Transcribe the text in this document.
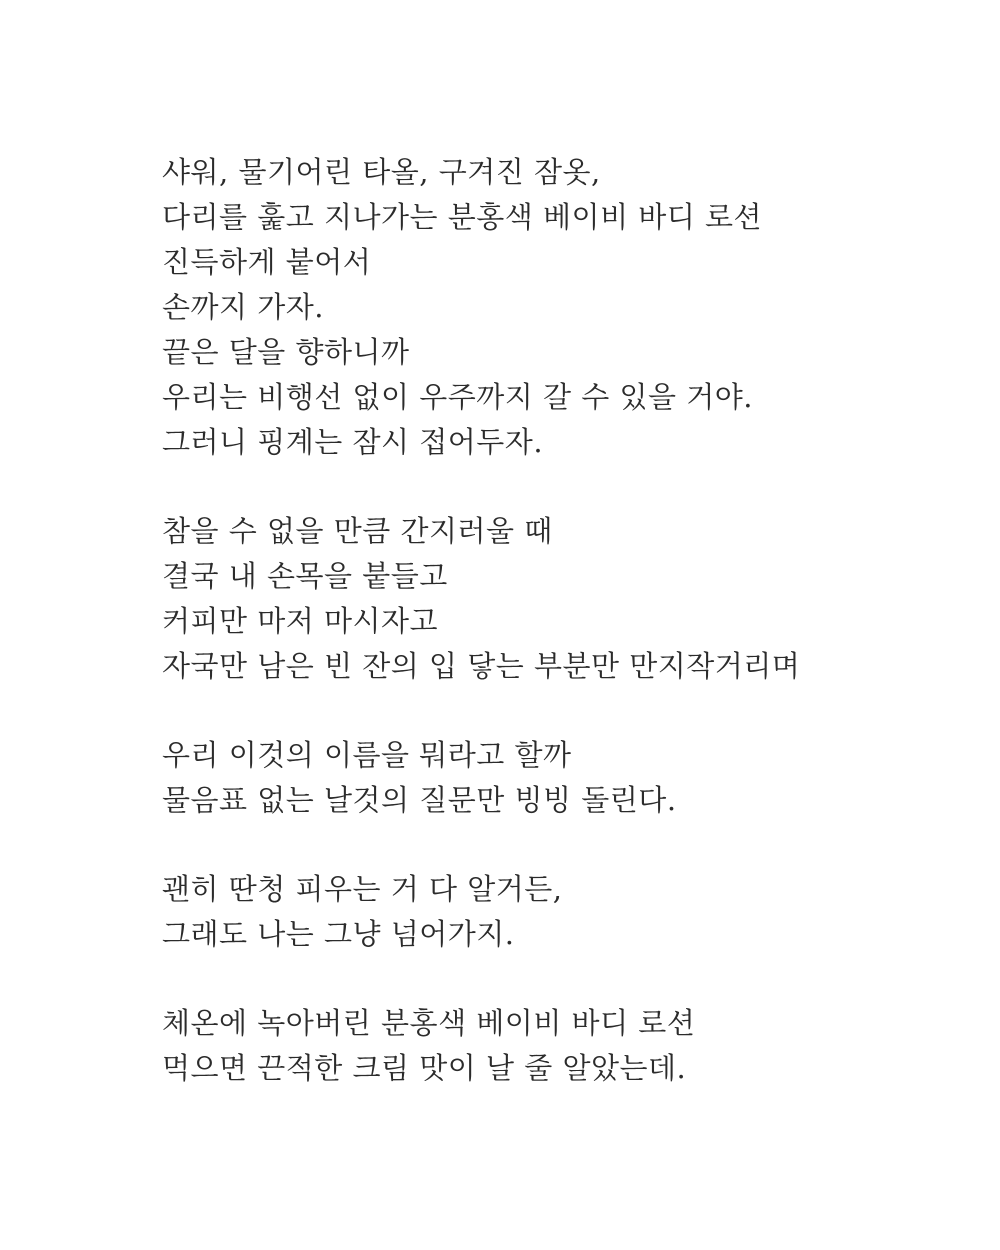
샤워, 물기어린 타올, 구겨진 잠옷,
다리를 훑고 지나가는 분홍색 베이비 바디 로션
진득하게 붙어서
손까지 가자.
끝은 달을 향하니까
우리는 비행선 없이 우주까지 갈 수 있을 거야.
그러니 핑계는 잠시 접어두자.
참을 수 없을 만큼 간지러울 때
결국 내 손목을 붙들고
커피만 마저 마시자고
자국만 남은 빈 잔의 입 닿는 부분만 만지작거리며
우리 이것의 이름을 뭐라고 할까
물음표 없는 날것의 질문만 빙빙 돌린다.
괜히 딴청 피우는 거 다 알거든,
그래도 나는 그냥 넘어가지.
체온에 녹아버린 분홍색 베이비 바디 로션
먹으면 끈적한 크림 맛이 날 줄 알았는데.
